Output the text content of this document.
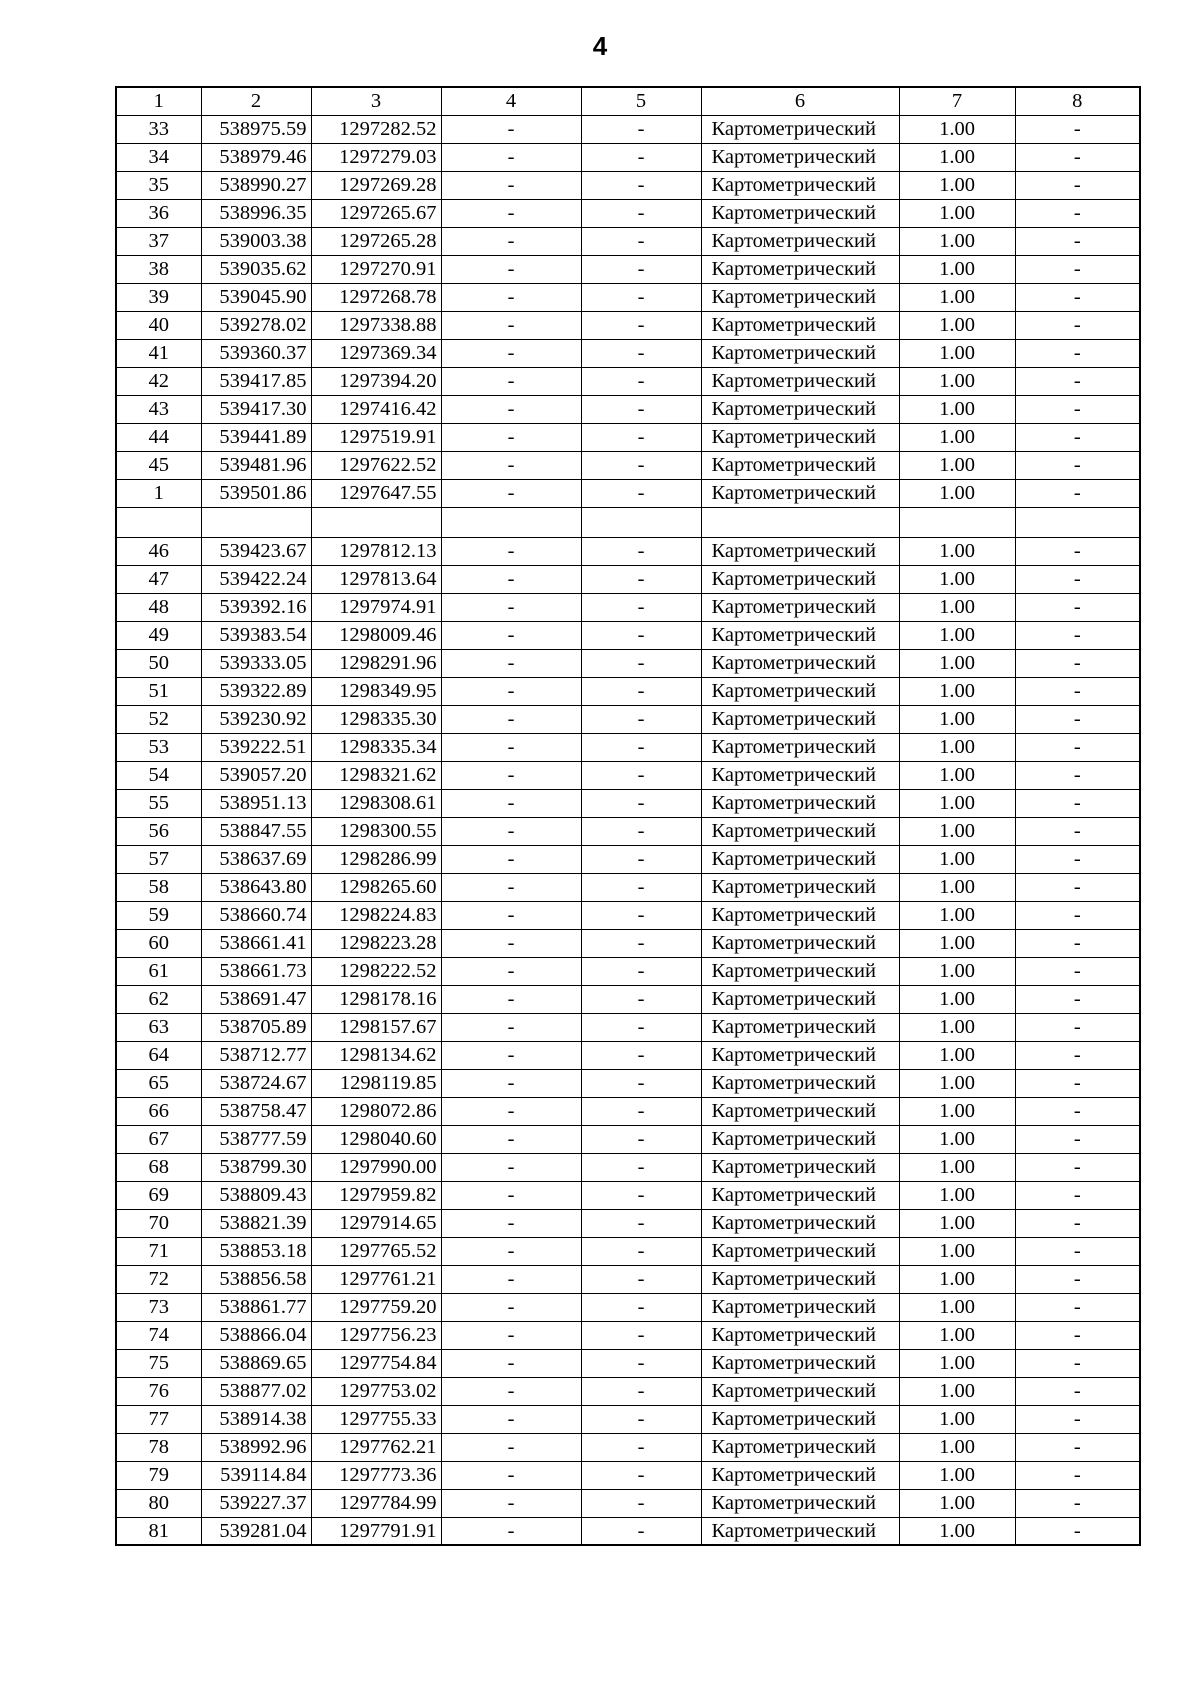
4
1	2	3	4	5	6	7	8
33	538975.59	1297282.52	-	-	Картометрический	1.00	-
34	538979.46	1297279.03	-	-	Картометрический	1.00	-
35	538990.27	1297269.28	-	-	Картометрический	1.00	-
36	538996.35	1297265.67	-	-	Картометрический	1.00	-
37	539003.38	1297265.28	-	-	Картометрический	1.00	-
38	539035.62	1297270.91	-	-	Картометрический	1.00	-
39	539045.90	1297268.78	-	-	Картометрический	1.00	-
40	539278.02	1297338.88	-	-	Картометрический	1.00	-
41	539360.37	1297369.34	-	-	Картометрический	1.00	-
42	539417.85	1297394.20	-	-	Картометрический	1.00	-
43	539417.30	1297416.42	-	-	Картометрический	1.00	-
44	539441.89	1297519.91	-	-	Картометрический	1.00	-
45	539481.96	1297622.52	-	-	Картометрический	1.00	-
1	539501.86	1297647.55	-	-	Картометрический	1.00	-

46	539423.67	1297812.13	-	-	Картометрический	1.00	-
47	539422.24	1297813.64	-	-	Картометрический	1.00	-
48	539392.16	1297974.91	-	-	Картометрический	1.00	-
49	539383.54	1298009.46	-	-	Картометрический	1.00	-
50	539333.05	1298291.96	-	-	Картометрический	1.00	-
51	539322.89	1298349.95	-	-	Картометрический	1.00	-
52	539230.92	1298335.30	-	-	Картометрический	1.00	-
53	539222.51	1298335.34	-	-	Картометрический	1.00	-
54	539057.20	1298321.62	-	-	Картометрический	1.00	-
55	538951.13	1298308.61	-	-	Картометрический	1.00	-
56	538847.55	1298300.55	-	-	Картометрический	1.00	-
57	538637.69	1298286.99	-	-	Картометрический	1.00	-
58	538643.80	1298265.60	-	-	Картометрический	1.00	-
59	538660.74	1298224.83	-	-	Картометрический	1.00	-
60	538661.41	1298223.28	-	-	Картометрический	1.00	-
61	538661.73	1298222.52	-	-	Картометрический	1.00	-
62	538691.47	1298178.16	-	-	Картометрический	1.00	-
63	538705.89	1298157.67	-	-	Картометрический	1.00	-
64	538712.77	1298134.62	-	-	Картометрический	1.00	-
65	538724.67	1298119.85	-	-	Картометрический	1.00	-
66	538758.47	1298072.86	-	-	Картометрический	1.00	-
67	538777.59	1298040.60	-	-	Картометрический	1.00	-
68	538799.30	1297990.00	-	-	Картометрический	1.00	-
69	538809.43	1297959.82	-	-	Картометрический	1.00	-
70	538821.39	1297914.65	-	-	Картометрический	1.00	-
71	538853.18	1297765.52	-	-	Картометрический	1.00	-
72	538856.58	1297761.21	-	-	Картометрический	1.00	-
73	538861.77	1297759.20	-	-	Картометрический	1.00	-
74	538866.04	1297756.23	-	-	Картометрический	1.00	-
75	538869.65	1297754.84	-	-	Картометрический	1.00	-
76	538877.02	1297753.02	-	-	Картометрический	1.00	-
77	538914.38	1297755.33	-	-	Картометрический	1.00	-
78	538992.96	1297762.21	-	-	Картометрический	1.00	-
79	539114.84	1297773.36	-	-	Картометрический	1.00	-
80	539227.37	1297784.99	-	-	Картометрический	1.00	-
81	539281.04	1297791.91	-	-	Картометрический	1.00	-
